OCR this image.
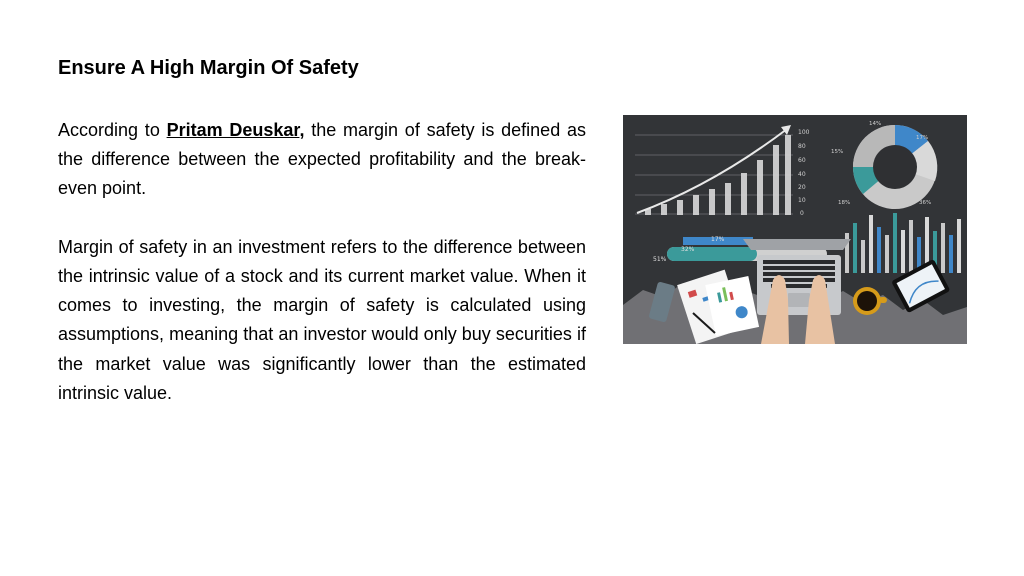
Ensure A High Margin Of Safety

According to Pritam Deuskar, the margin of safety is defined as the difference between the expected profitability and the break-even point.

Margin of safety in an investment refers to the difference between the intrinsic value of a stock and its current market value. When it comes to investing, the margin of safety is calculated using assumptions, meaning that an investor would only buy securities if the market value was significantly lower than the estimated intrinsic value.

100
80
60
40
20
10
0
14%
17%
15%
18%	36%
17%
32%
51%
